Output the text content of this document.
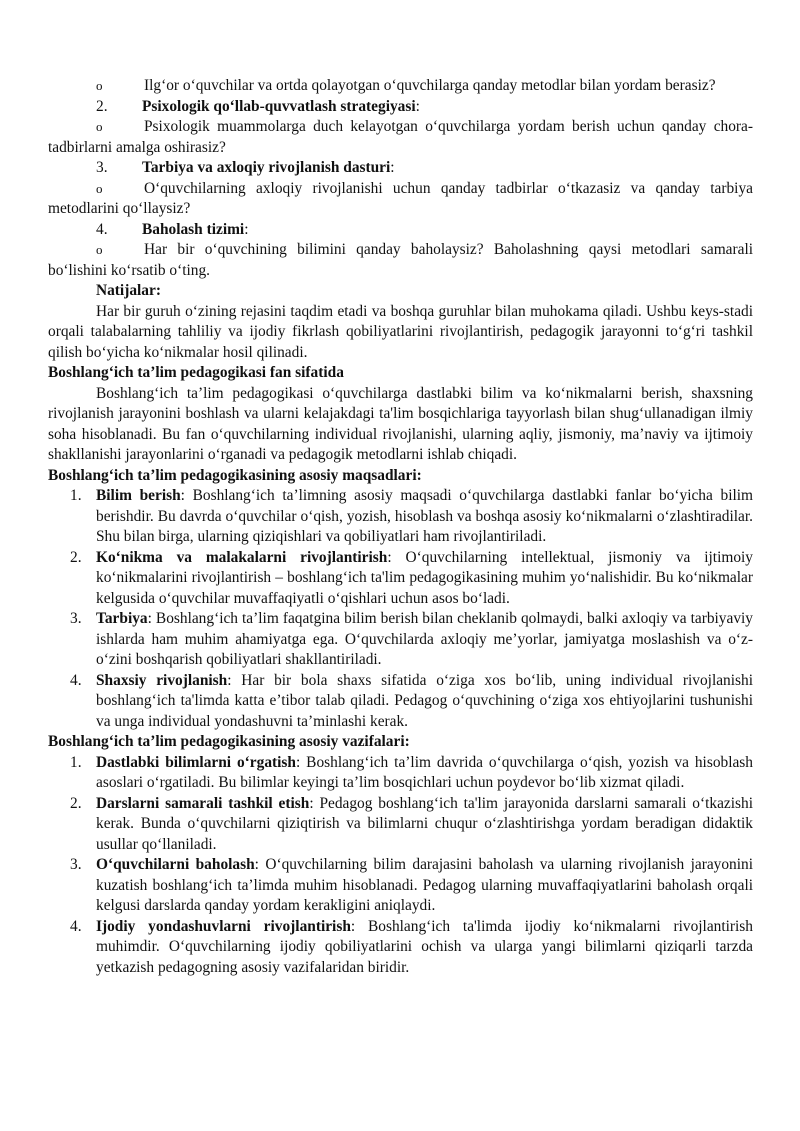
o	Ilg‘or o‘quvchilar va ortda qolayotgan o‘quvchilarga qanday metodlar bilan yordam berasiz?

2. Psixologik qo‘llab-quvvatlash strategiyasi:

o	Psixologik muammolarga duch kelayotgan o‘quvchilarga yordam berish uchun qanday chora-tadbirlarni amalga oshirasiz?

3. Tarbiya va axloqiy rivojlanish dasturi:

o	O‘quvchilarning axloqiy rivojlanishi uchun qanday tadbirlar o‘tkazasiz va qanday tarbiya metodlarini qo‘llaysiz?

4. Baholash tizimi:

o	Har bir o‘quvchining bilimini qanday baholaysiz? Baholashning qaysi metodlari samarali bo‘lishini ko‘rsatib o‘ting.

Natijalar:

Har bir guruh o‘zining rejasini taqdim etadi va boshqa guruhlar bilan muhokama qiladi. Ushbu keys-stadi orqali talabalarning tahliliy va ijodiy fikrlash qobiliyatlarini rivojlantirish, pedagogik jarayonni to‘g‘ri tashkil qilish bo‘yicha ko‘nikmalar hosil qilinadi.

Boshlang‘ich ta’lim pedagogikasi fan sifatida

Boshlang‘ich ta’lim pedagogikasi o‘quvchilarga dastlabki bilim va ko‘nikmalarni berish, shaxsning rivojlanish jarayonini boshlash va ularni kelajakdagi ta'lim bosqichlariga tayyorlash bilan shug‘ullanadigan ilmiy soha hisoblanadi. Bu fan o‘quvchilarning individual rivojlanishi, ularning aqliy, jismoniy, ma’naviy va ijtimoiy shakllanishi jarayonlarini o‘rganadi va pedagogik metodlarni ishlab chiqadi.

Boshlang‘ich ta’lim pedagogikasining asosiy maqsadlari:

1. Bilim berish: Boshlang‘ich ta’limning asosiy maqsadi o‘quvchilarga dastlabki fanlar bo‘yicha bilim berishdir. Bu davrda o‘quvchilar o‘qish, yozish, hisoblash va boshqa asosiy ko‘nikmalarni o‘zlashtiradilar. Shu bilan birga, ularning qiziqishlari va qobiliyatlari ham rivojlantiriladi.
2. Ko‘nikma va malakalarni rivojlantirish: O‘quvchilarning intellektual, jismoniy va ijtimoiy ko‘nikmalarini rivojlantirish – boshlang‘ich ta'lim pedagogikasining muhim yo‘nalishidir. Bu ko‘nikmalar kelgusida o‘quvchilar muvaffaqiyatli o‘qishlari uchun asos bo‘ladi.
3. Tarbiya: Boshlang‘ich ta’lim faqatgina bilim berish bilan cheklanib qolmaydi, balki axloqiy va tarbiyaviy ishlarda ham muhim ahamiyatga ega. O‘quvchilarda axloqiy me’yorlar, jamiyatga moslashish va o‘z-o‘zini boshqarish qobiliyatlari shakllantiriladi.
4. Shaxsiy rivojlanish: Har bir bola shaxs sifatida o‘ziga xos bo‘lib, uning individual rivojlanishi boshlang‘ich ta'limda katta e’tibor talab qiladi. Pedagog o‘quvchining o‘ziga xos ehtiyojlarini tushunishi va unga individual yondashuvni ta’minlashi kerak.

Boshlang‘ich ta’lim pedagogikasining asosiy vazifalari:

1. Dastlabki bilimlarni o‘rgatish: Boshlang‘ich ta’lim davrida o‘quvchilarga o‘qish, yozish va hisoblash asoslari o‘rgatiladi. Bu bilimlar keyingi ta’lim bosqichlari uchun poydevor bo‘lib xizmat qiladi.
2. Darslarni samarali tashkil etish: Pedagog boshlang‘ich ta'lim jarayonida darslarni samarali o‘tkazishi kerak. Bunda o‘quvchilarni qiziqtirish va bilimlarni chuqur o‘zlashtirishga yordam beradigan didaktik usullar qo‘llaniladi.
3. O‘quvchilarni baholash: O‘quvchilarning bilim darajasini baholash va ularning rivojlanish jarayonini kuzatish boshlang‘ich ta’limda muhim hisoblanadi. Pedagog ularning muvaffaqiyatlarini baholash orqali kelgusi darslarda qanday yordam kerakligini aniqlaydi.
4. Ijodiy yondashuvlarni rivojlantirish: Boshlang‘ich ta'limda ijodiy ko‘nikmalarni rivojlantirish muhimdir. O‘quvchilarning ijodiy qobiliyatlarini ochish va ularga yangi bilimlarni qiziqarli tarzda yetkazish pedagogning asosiy vazifalaridan biridir.
